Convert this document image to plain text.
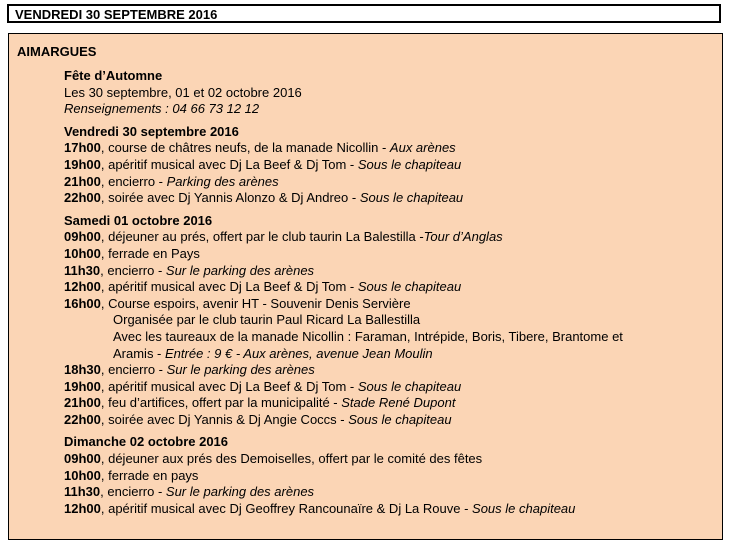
VENDREDI 30 SEPTEMBRE 2016
AIMARGUES
Fête d’Automne
Les 30 septembre, 01 et 02 octobre 2016
Renseignements : 04 66 73 12 12
Vendredi 30 septembre 2016
17h00, course de châtres neufs, de la manade Nicollin - Aux arènes
19h00, apéritif musical avec Dj La Beef & Dj Tom - Sous le chapiteau
21h00, encierro - Parking des arènes
22h00, soirée avec Dj Yannis Alonzo & Dj Andreo - Sous le chapiteau
Samedi 01 octobre 2016
09h00, déjeuner au prés, offert par le club taurin La Balestilla -Tour d’Anglas
10h00, ferrade en Pays
11h30, encierro - Sur le parking des arènes
12h00, apéritif musical avec Dj La Beef & Dj Tom - Sous le chapiteau
16h00, Course espoirs, avenir HT - Souvenir Denis Servière
Organisée par le club taurin Paul Ricard La Ballestilla
Avec les taureaux de la manade Nicollin : Faraman, Intrépide, Boris, Tibere, Brantome et
Aramis - Entrée : 9 € - Aux arènes, avenue Jean Moulin
18h30, encierro - Sur le parking des arènes
19h00, apéritif musical avec Dj La Beef & Dj Tom - Sous le chapiteau
21h00, feu d’artifices, offert par la municipalité - Stade René Dupont
22h00, soirée avec Dj Yannis & Dj Angie Coccs - Sous le chapiteau
Dimanche 02 octobre 2016
09h00, déjeuner aux prés des Demoiselles, offert par le comité des fêtes
10h00, ferrade en pays
11h30, encierro - Sur le parking des arènes
12h00, apéritif musical avec Dj Geoffrey Rancounaïre & Dj La Rouve - Sous le chapiteau
